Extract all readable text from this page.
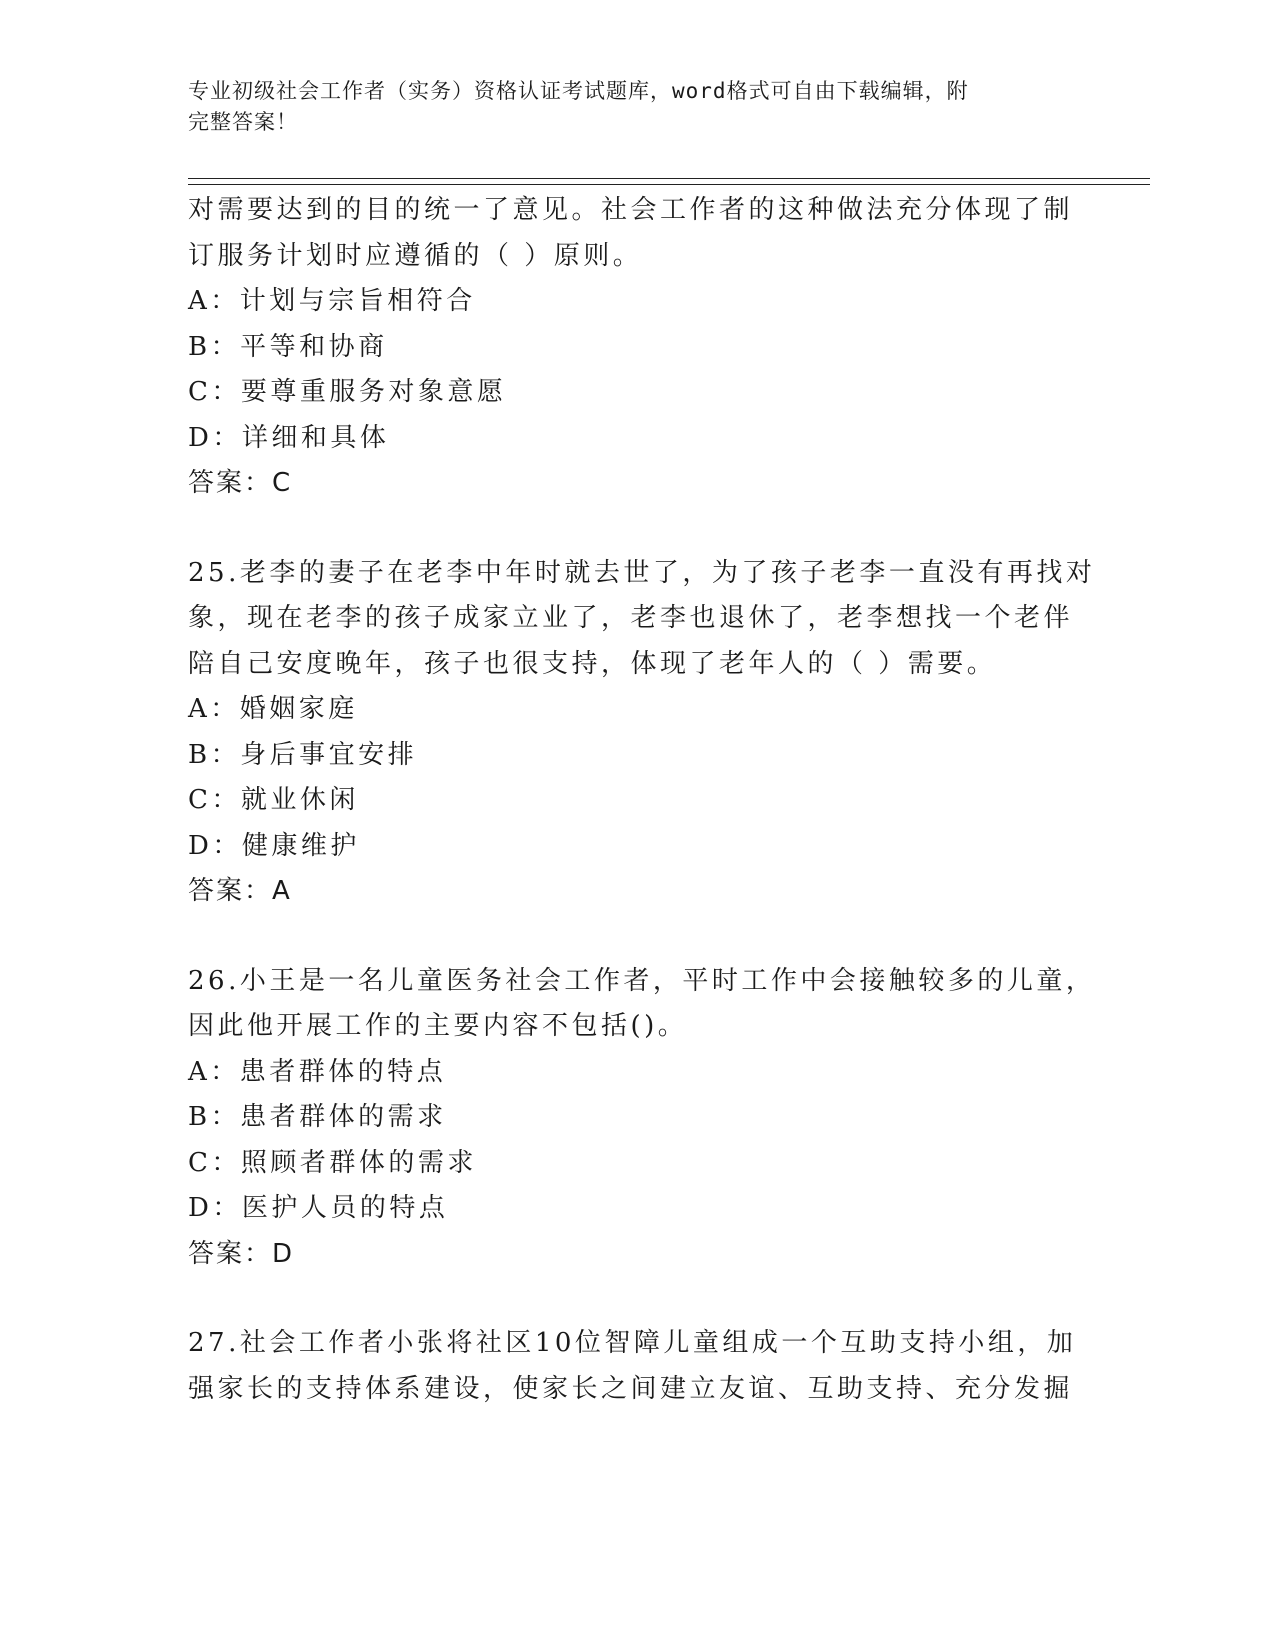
专业初级社会工作者（实务）资格认证考试题库，word格式可自由下载编辑，附
完整答案！
对需要达到的目的统一了意见。社会工作者的这种做法充分体现了制
订服务计划时应遵循的（ ）原则。
A：计划与宗旨相符合
B：平等和协商
C：要尊重服务对象意愿
D：详细和具体
答案：C
25.老李的妻子在老李中年时就去世了，为了孩子老李一直没有再找对
象，现在老李的孩子成家立业了，老李也退休了，老李想找一个老伴
陪自己安度晚年，孩子也很支持，体现了老年人的（ ）需要。
A：婚姻家庭
B：身后事宜安排
C：就业休闲
D：健康维护
答案：A
26.小王是一名儿童医务社会工作者，平时工作中会接触较多的儿童，
因此他开展工作的主要内容不包括()。
A：患者群体的特点
B：患者群体的需求
C：照顾者群体的需求
D：医护人员的特点
答案：D
27.社会工作者小张将社区10位智障儿童组成一个互助支持小组，加
强家长的支持体系建设，使家长之间建立友谊、互助支持、充分发掘
